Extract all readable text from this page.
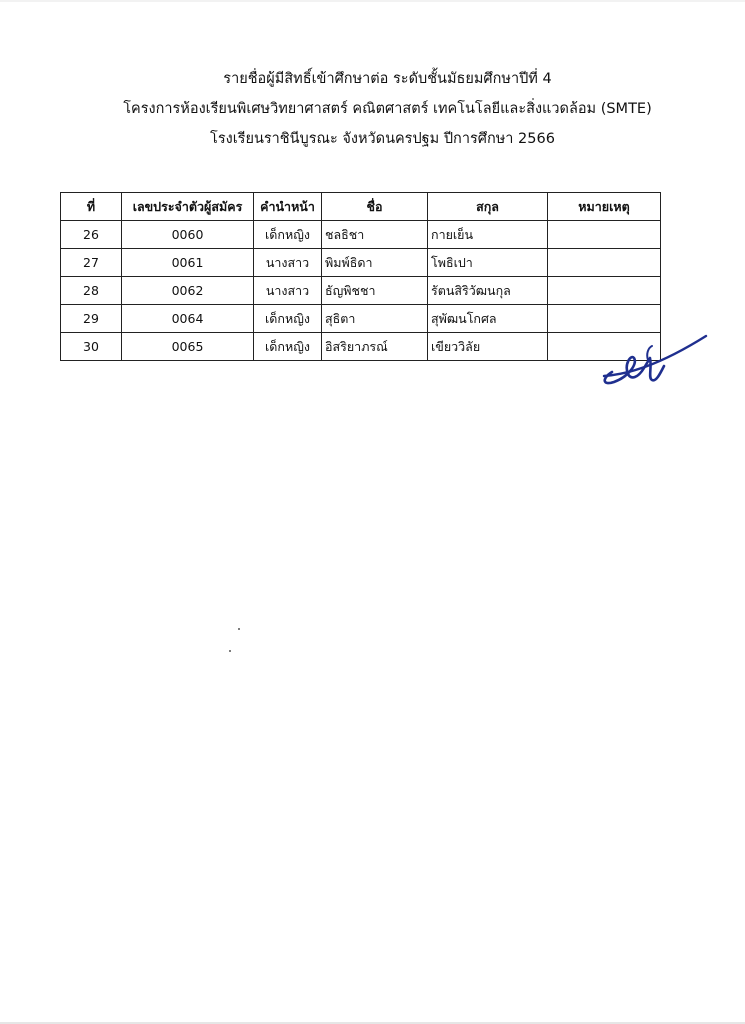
รายชื่อผู้มีสิทธิ์เข้าศึกษาต่อ ระดับชั้นมัธยมศึกษาปีที่ 4
โครงการห้องเรียนพิเศษวิทยาศาสตร์ คณิตศาสตร์ เทคโนโลยีและสิ่งแวดล้อม (SMTE)
โรงเรียนราชินีบูรณะ จังหวัดนครปฐม ปีการศึกษา 2566
ที่	เลขประจำตัวผู้สมัคร	คำนำหน้า	ชื่อ	สกุล	หมายเหตุ
26	0060	เด็กหญิง	ชลธิชา	กายเย็น	
27	0061	นางสาว	พิมพ์ธิดา	โพธิเปา	
28	0062	นางสาว	ธัญพิชชา	รัตนสิริวัฒนกุล	
29	0064	เด็กหญิง	สุธิตา	สุพัฒนโกศล	
30	0065	เด็กหญิง	อิสริยาภรณ์	เขียววิลัย	
